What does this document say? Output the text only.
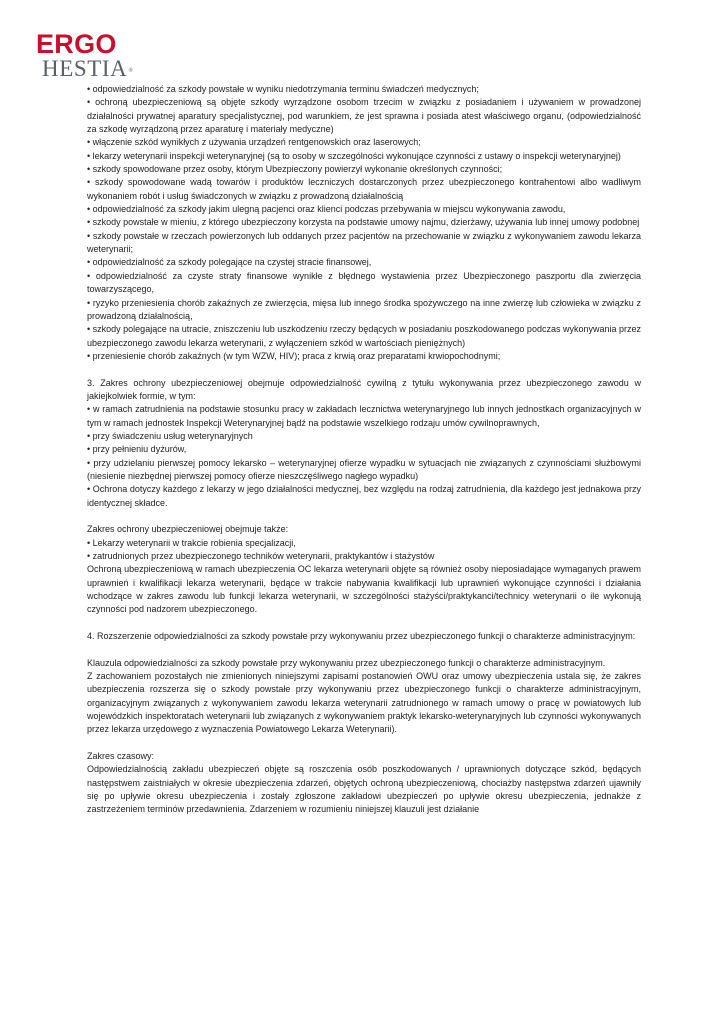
ERGO
HESTIA®
• odpowiedzialność za szkody powstałe w wyniku niedotrzymania terminu świadczeń medycznych;
• ochroną ubezpieczeniową są objęte szkody wyrządzone osobom trzecim w związku z posiadaniem i używaniem w prowadzonej działalności prywatnej aparatury specjalistycznej, pod warunkiem, że jest sprawna i posiada atest właściwego organu, (odpowiedzialność za szkodę wyrządzoną przez aparaturę i materiały medyczne)
• włączenie szkód wynikłych z używania urządzeń rentgenowskich oraz laserowych;
• lekarzy weterynarii inspekcji weterynaryjnej (są to osoby w szczególności wykonujące czynności z ustawy o inspekcji weterynaryjnej)
• szkody spowodowane przez osoby, którym Ubezpieczony powierzył wykonanie określonych czynności;
• szkody spowodowane wadą towarów i produktów leczniczych dostarczonych przez ubezpieczonego kontrahentowi albo wadliwym wykonaniem robót i usług świadczonych w związku z prowadzoną działalnością
• odpowiedzialność za szkody jakim ulegną pacjenci oraz klienci podczas przebywania w miejscu wykonywania zawodu,
• szkody powstałe w mieniu, z którego ubezpieczony korzysta na podstawie umowy najmu, dzierżawy, używania lub innej umowy podobnej
• szkody powstałe w rzeczach powierzonych lub oddanych przez pacjentów na przechowanie w związku z wykonywaniem zawodu lekarza weterynarii;
• odpowiedzialność za szkody polegające na czystej stracie finansowej,
• odpowiedzialność za czyste straty finansowe wynikłe z błędnego wystawienia przez Ubezpieczonego paszportu dla zwierzęcia towarzyszącego,
• ryzyko przeniesienia chorób zakaźnych ze zwierzęcia, mięsa lub innego środka spożywczego na inne zwierzę lub człowieka w związku z prowadzoną działalnością,
• szkody polegające na utracie, zniszczeniu lub uszkodzeniu rzeczy będących w posiadaniu poszkodowanego podczas wykonywania przez ubezpieczonego zawodu lekarza weterynarii, z wyłączeniem szkód w wartościach pieniężnych)
• przeniesienie chorób zakaźnych (w tym WZW, HIV); praca z krwią oraz preparatami krwiopochodnymi;
3. Zakres ochrony ubezpieczeniowej obejmuje odpowiedzialność cywilną z tytułu wykonywania przez ubezpieczonego zawodu w jakiejkolwiek formie, w tym:
• w ramach zatrudnienia na podstawie stosunku pracy w zakładach lecznictwa weterynaryjnego lub innych jednostkach organizacyjnych w tym w ramach jednostek Inspekcji Weterynaryjnej bądź na podstawie wszelkiego rodzaju umów cywilnoprawnych,
• przy świadczeniu usług weterynaryjnych
• przy pełnieniu dyżurów,
• przy udzielaniu pierwszej pomocy lekarsko – weterynaryjnej ofierze wypadku w sytuacjach nie związanych z czynnościami służbowymi (niesienie niezbędnej pierwszej pomocy ofierze nieszczęśliwego nagłego wypadku)
• Ochrona dotyczy każdego z lekarzy w jego działalności medycznej, bez względu na rodzaj zatrudnienia, dla każdego jest jednakowa przy identycznej składce.
Zakres ochrony ubezpieczeniowej obejmuje także:
• Lekarzy weterynarii w trakcie robienia specjalizacji,
• zatrudnionych przez ubezpieczonego techników weterynarii, praktykantów i stażystów
Ochroną ubezpieczeniową w ramach ubezpieczenia OC lekarza weterynarii objęte są również osoby nieposiadające wymaganych prawem uprawnień i kwalifikacji lekarza weterynarii, będące w trakcie nabywania kwalifikacji lub uprawnień wykonujące czynności i działania wchodzące w zakres zawodu lub funkcji lekarza weterynarii, w szczególności stażyści/praktykanci/technicy weterynarii o ile wykonują czynności pod nadzorem ubezpieczonego.
4. Rozszerzenie odpowiedzialności za szkody powstałe przy wykonywaniu przez ubezpieczonego funkcji o charakterze administracyjnym:
Klauzula odpowiedzialności za szkody powstałe przy wykonywaniu przez ubezpieczonego funkcji o charakterze administracyjnym.
Z zachowaniem pozostałych nie zmienionych niniejszymi zapisami postanowień OWU oraz umowy ubezpieczenia ustala się, że zakres ubezpieczenia rozszerza się o szkody powstałe przy wykonywaniu przez ubezpieczonego funkcji o charakterze administracyjnym, organizacyjnym związanych z wykonywaniem zawodu lekarza weterynarii zatrudnionego w ramach umowy o pracę w powiatowych lub wojewódzkich inspektoratach weterynarii lub związanych z wykonywaniem praktyk lekarsko-weterynaryjnych lub czynności wykonywanych przez lekarza urzędowego z wyznaczenia Powiatowego Lekarza Weterynarii).
Zakres czasowy:
Odpowiedzialnością zakładu ubezpieczeń objęte są roszczenia osób poszkodowanych / uprawnionych dotyczące szkód, będących następstwem zaistniałych w okresie ubezpieczenia zdarzeń, objętych ochroną ubezpieczeniową, chociażby następstwa zdarzeń ujawniły się po upływie okresu ubezpieczenia i zostały zgłoszone zakładowi ubezpieczeń po upływie okresu ubezpieczenia, jednakże z zastrzeżeniem terminów przedawnienia. Zdarzeniem w rozumieniu niniejszej klauzuli jest działanie
